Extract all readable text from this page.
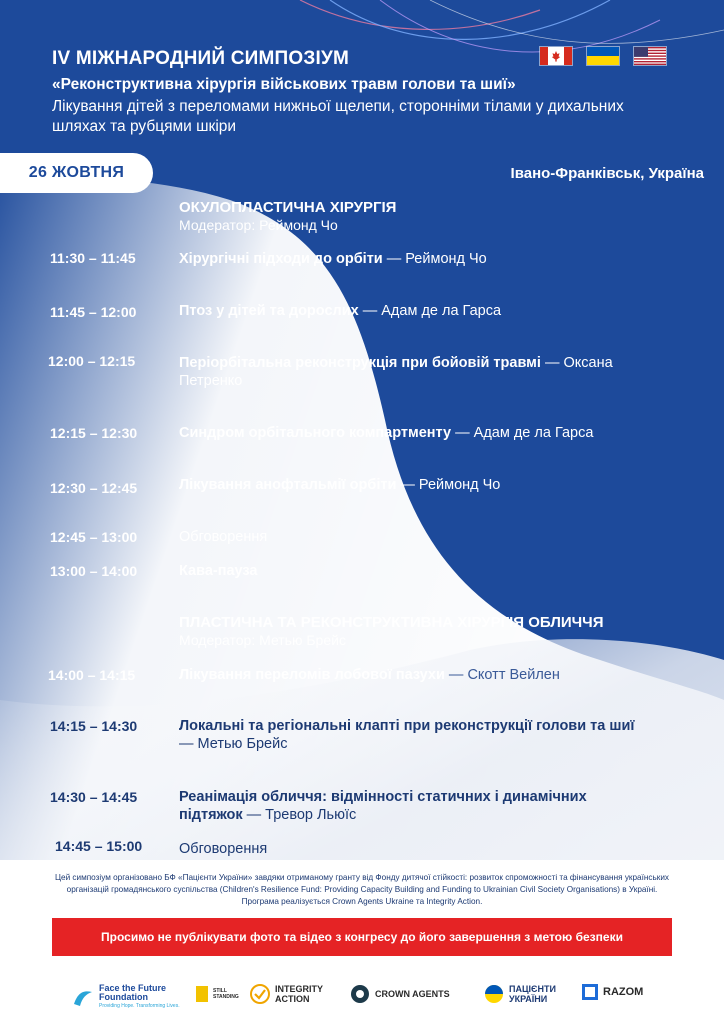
IV МІЖНАРОДНИЙ СИМПОЗІУМ
«Реконструктивна хірургія військових травм голови та шиї»
Лікування дітей з переломами нижньої щелепи, сторонніми тілами у дихальних шляхах та рубцями шкіри
26 ЖОВТНЯ	Івано-Франківськ, Україна
ОКУЛОПЛАСТИЧНА ХІРУРГІЯ
Модератор: Реймонд Чо
11:30 – 11:45	Хірургічні підходи до орбіти — Реймонд Чо
11:45 – 12:00	Птоз у дітей та дорослих — Адам де ла Гарса
12:00 – 12:15	Періорбітальна реконструкція при бойовій травмі — Оксана Петренко
12:15 – 12:30	Синдром орбітального компартменту — Адам де ла Гарса
12:30 – 12:45	Лікування анофтальмії орбіти — Реймонд Чо
12:45 – 13:00	Обговорення
13:00 – 14:00	Кава-пауза
ПЛАСТИЧНА ТА РЕКОНСТРУКТИВНА ХІРУРГІЯ ОБЛИЧЧЯ
Модератор: Метью Брейс
14:00 – 14:15	Лікування переломів лобової пазухи — Скотт Вейлен
14:15 – 14:30	Локальні та регіональні клапті при реконструкції голови та шиї — Метью Брейс
14:30 – 14:45	Реанімація обличчя: відмінності статичних і динамічних підтяжок — Тревор Льюїс
14:45 – 15:00	Обговорення
Цей симпозіум організовано БФ «Пацієнти України» завдяки отриманому гранту від Фонду дитячої стійкості: розвиток спроможності та фінансування українських організацій громадянського суспільства (Children's Resilience Fund: Providing Capacity Building and Funding to Ukrainian Civil Society Organisations) в Україні. Програма реалізується Crown Agents Ukraine та Integrity Action.
Просимо не публікувати фото та відео з конгресу до його завершення з метою безпеки
Face the Future
Foundation
Providing Hope. Transforming Lives.
STILL STANDING
INTEGRITY
ACTION	CROWN AGENTS	ПАЦІЄНТИ
УКРАЇНИ
RAZOM
